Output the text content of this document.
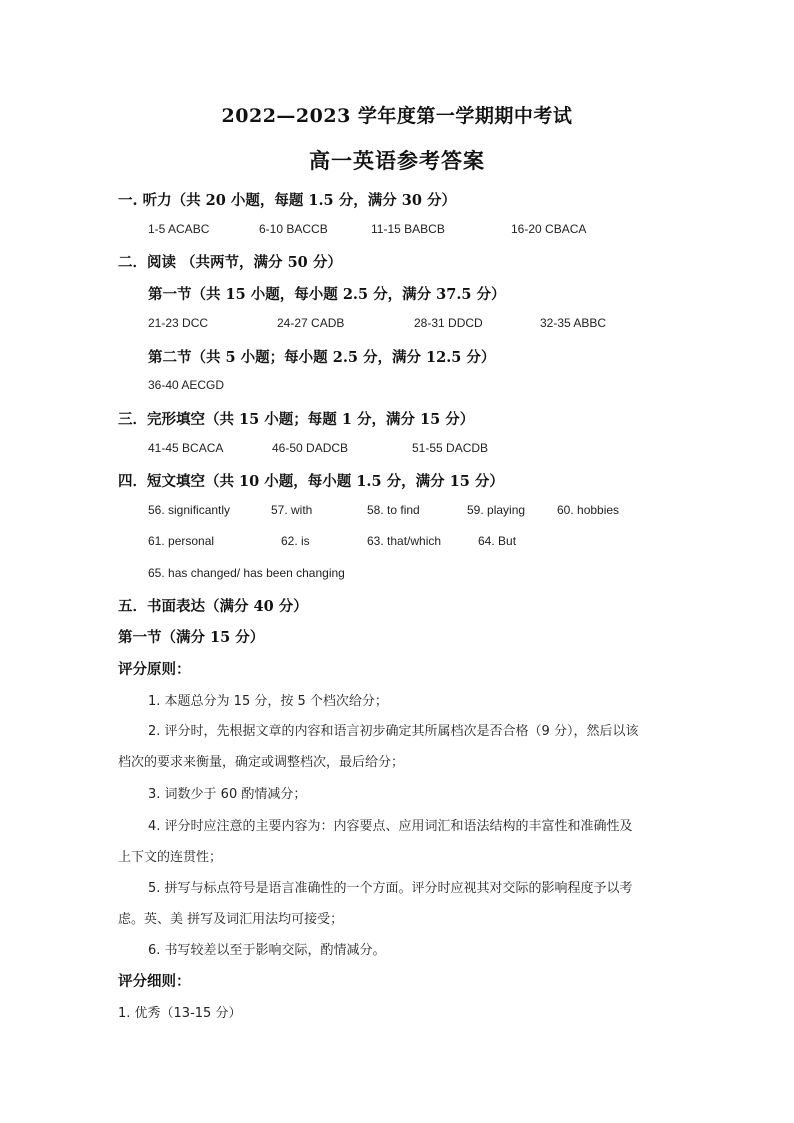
2022—2023 学年度第一学期期中考试
高一英语参考答案
一. 听力（共 20 小题，每题 1.5 分，满分 30 分）
1-5 ACABC	6-10 BACCB	11-15 BABCB	16-20 CBACA
二．阅读 （共两节，满分 50 分）
第一节（共 15 小题，每小题 2.5 分，满分 37.5 分）
21-23 DCC	24-27 CADB	28-31 DDCD	32-35 ABBC
第二节（共 5 小题；每小题 2.5 分，满分 12.5 分）
36-40 AECGD
三．完形填空（共 15 小题；每题 1 分，满分 15 分）
41-45 BCACA	46-50 DADCB	51-55 DACDB
四．短文填空（共 10 小题，每小题 1.5 分，满分 15 分）
56. significantly	57. with	58. to find	59. playing	60. hobbies
61. personal	62. is	63. that/which	64. But
65. has changed/ has been changing
五．书面表达（满分 40 分）
第一节（满分 15 分）
评分原则：
1. 本题总分为 15 分，按 5 个档次给分；
2. 评分时，先根据文章的内容和语言初步确定其所属档次是否合格（9 分），然后以该
档次的要求来衡量，确定或调整档次，最后给分；
3. 词数少于 60 酌情减分；
4. 评分时应注意的主要内容为：内容要点、应用词汇和语法结构的丰富性和准确性及
上下文的连贯性；
5. 拼写与标点符号是语言准确性的一个方面。评分时应视其对交际的影响程度予以考
虑。英、美 拼写及词汇用法均可接受；
6. 书写较差以至于影响交际，酌情减分。
评分细则：
1. 优秀（13-15 分）
